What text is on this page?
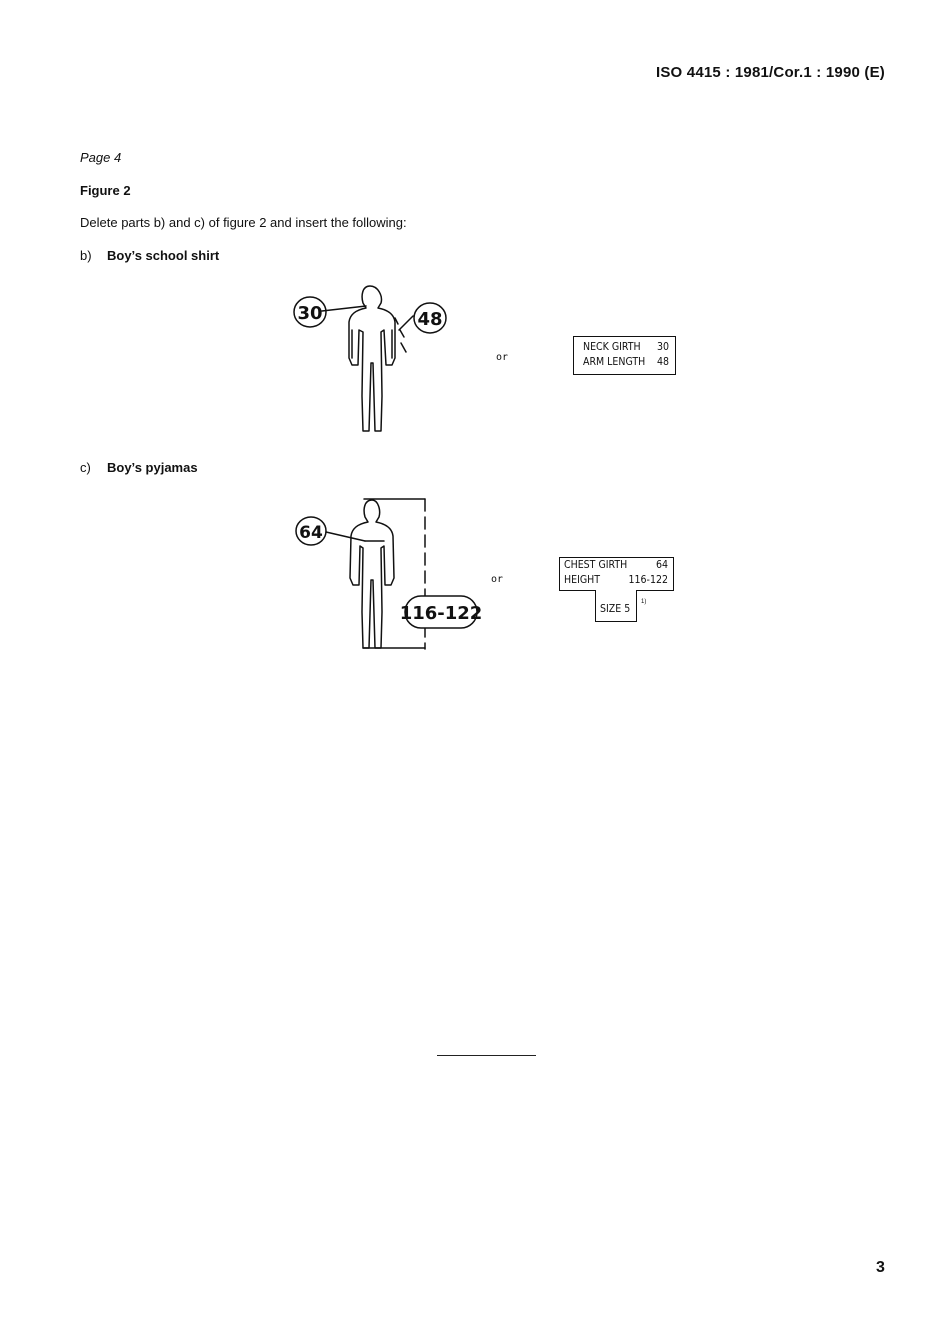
ISO 4415 : 1981/Cor.1 : 1990 (E)
Page 4
Figure 2
Delete parts b) and c) of figure 2 and insert the following:
b) Boy’s school shirt
c) Boy’s pyjamas
30	48
64
116-122
or
or
NECK GIRTH 30
ARM LENGTH 48
CHEST GIRTH	64
HEIGHT	116-122
SIZE 5
1)
3
